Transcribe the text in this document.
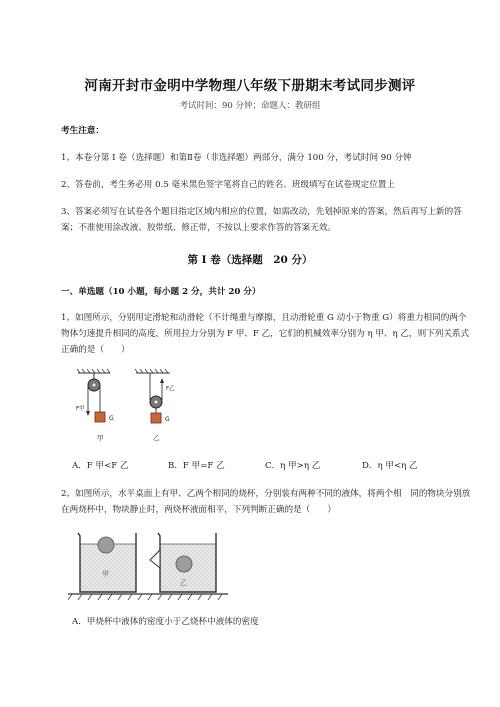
河南开封市金明中学物理八年级下册期末考试同步测评
考试时间：90 分钟；命题人：教研组
考生注意：
1、本卷分第 I 卷（选择题）和第Ⅱ卷（非选择题）两部分，满分 100 分，考试时间 90 分钟
2、答卷前，考生务必用 0.5 毫米黑色签字笔将自己的姓名、班级填写在试卷规定位置上
3、答案必须写在试卷各个题目指定区域内相应的位置，如需改动，先划掉原来的答案，然后再写上新的答案；不准使用涂改液、胶带纸、修正带，不按以上要求作答的答案无效。
第 I 卷（选择题　20 分）
一、单选题（10 小题，每小题 2 分，共计 20 分）
1、如图所示，分别用定滑轮和动滑轮（不计绳重与摩擦，且动滑轮重 G 动小于物重 G）将重力相同的两个物体匀速提升相同的高度，所用拉力分别为 F 甲、F 乙，它们的机械效率分别为 η 甲、η 乙，则下列关系式正确的是（　　）
F甲
G
甲
F乙
G
乙
A．F 甲<F 乙	B．F 甲=F 乙	C．η 甲>η 乙	D．η 甲<η 乙
2、如图所示，水平桌面上有甲、乙两个相同的烧杯，分别装有两种不同的液体，将两个相　同的物块分别放在两烧杯中，物块静止时，两烧杯液面相平，下列判断正确的是（　　）
甲
乙
A．甲烧杯中液体的密度小于乙烧杯中液体的密度
